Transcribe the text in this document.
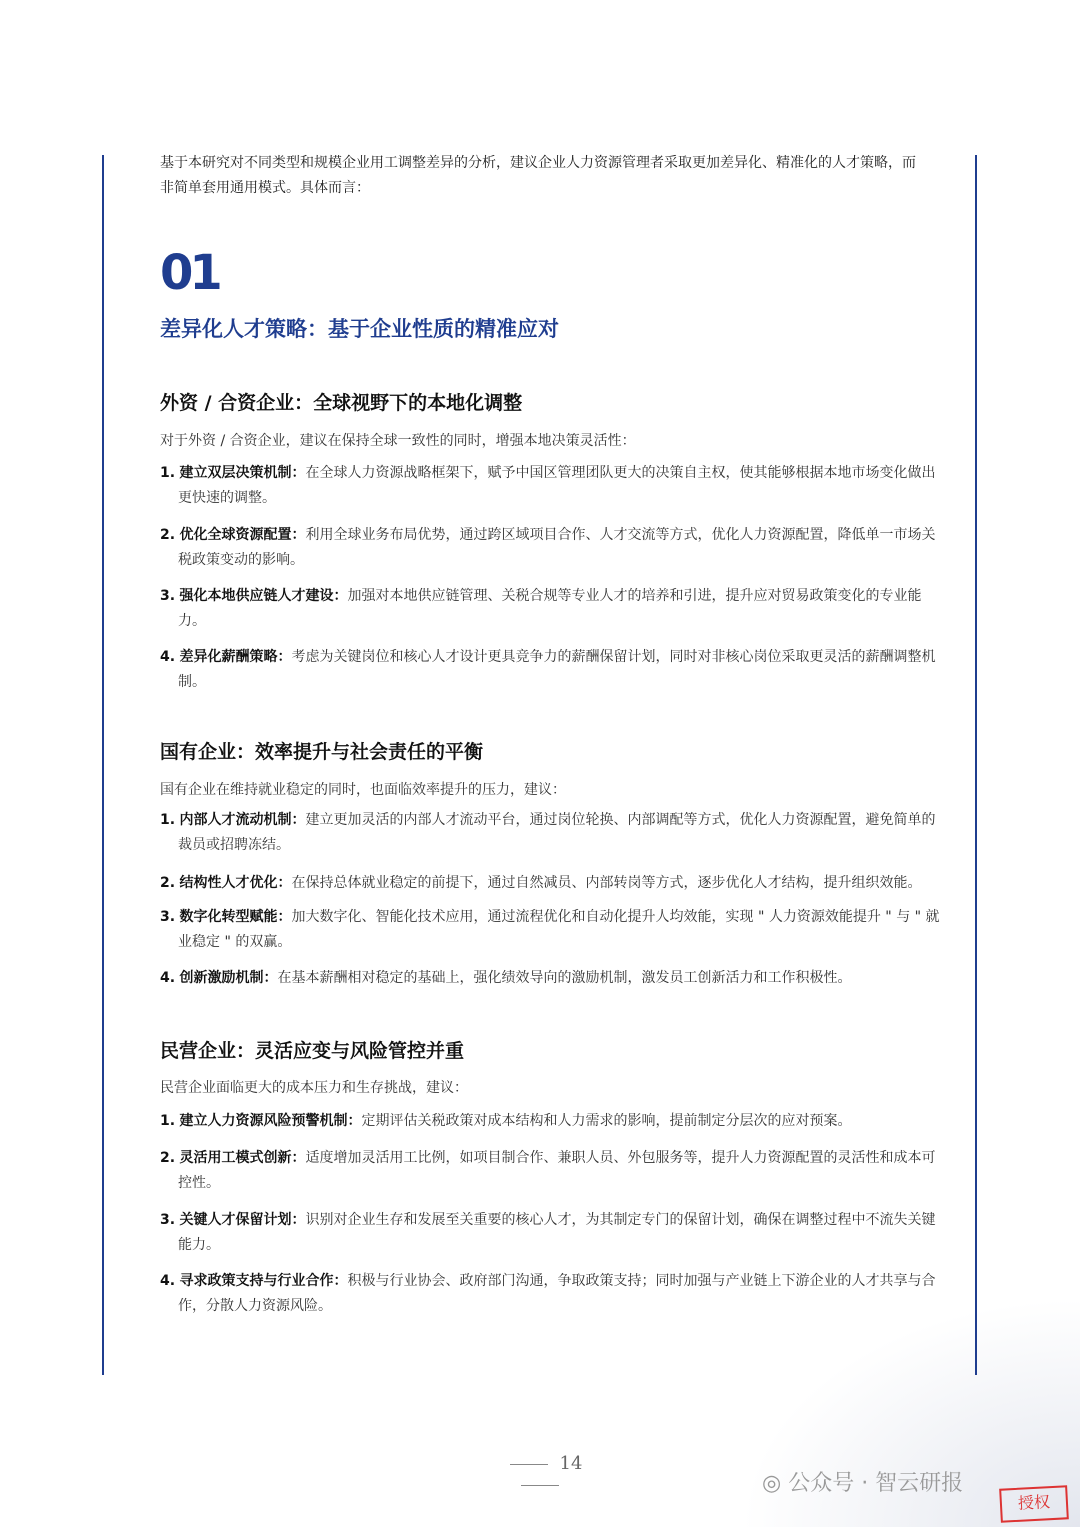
基于本研究对不同类型和规模企业用工调整差异的分析，建议企业人力资源管理者采取更加差异化、精准化的人才策略，而非简单套用通用模式。具体而言：

01
差异化人才策略：基于企业性质的精准应对
外资 / 合资企业：全球视野下的本地化调整
对于外资 / 合资企业，建议在保持全球一致性的同时，增强本地决策灵活性：
1. 建立双层决策机制：在全球人力资源战略框架下，赋予中国区管理团队更大的决策自主权，使其能够根据本地市场变化做出更快速的调整。
2. 优化全球资源配置：利用全球业务布局优势，通过跨区域项目合作、人才交流等方式，优化人力资源配置，降低单一市场关税政策变动的影响。
3. 强化本地供应链人才建设：加强对本地供应链管理、关税合规等专业人才的培养和引进，提升应对贸易政策变化的专业能力。
4. 差异化薪酬策略：考虑为关键岗位和核心人才设计更具竞争力的薪酬保留计划，同时对非核心岗位采取更灵活的薪酬调整机制。
国有企业：效率提升与社会责任的平衡
国有企业在维持就业稳定的同时，也面临效率提升的压力，建议：
1. 内部人才流动机制：建立更加灵活的内部人才流动平台，通过岗位轮换、内部调配等方式，优化人力资源配置，避免简单的裁员或招聘冻结。
2. 结构性人才优化：在保持总体就业稳定的前提下，通过自然减员、内部转岗等方式，逐步优化人才结构，提升组织效能。
3. 数字化转型赋能：加大数字化、智能化技术应用，通过流程优化和自动化提升人均效能，实现 " 人力资源效能提升 " 与 " 就业稳定 " 的双赢。
4. 创新激励机制：在基本薪酬相对稳定的基础上，强化绩效导向的激励机制，激发员工创新活力和工作积极性。
民营企业：灵活应变与风险管控并重
民营企业面临更大的成本压力和生存挑战，建议：
1. 建立人力资源风险预警机制：定期评估关税政策对成本结构和人力需求的影响，提前制定分层次的应对预案。
2. 灵活用工模式创新：适度增加灵活用工比例，如项目制合作、兼职人员、外包服务等，提升人力资源配置的灵活性和成本可控性。
3. 关键人才保留计划：识别对企业生存和发展至关重要的核心人才，为其制定专门的保留计划，确保在调整过程中不流失关键能力。
4. 寻求政策支持与行业合作：积极与行业协会、政府部门沟通，争取政策支持；同时加强与产业链上下游企业的人才共享与合作，分散人力资源风险。
14
◎ 公众号 · 智云研报
授权
